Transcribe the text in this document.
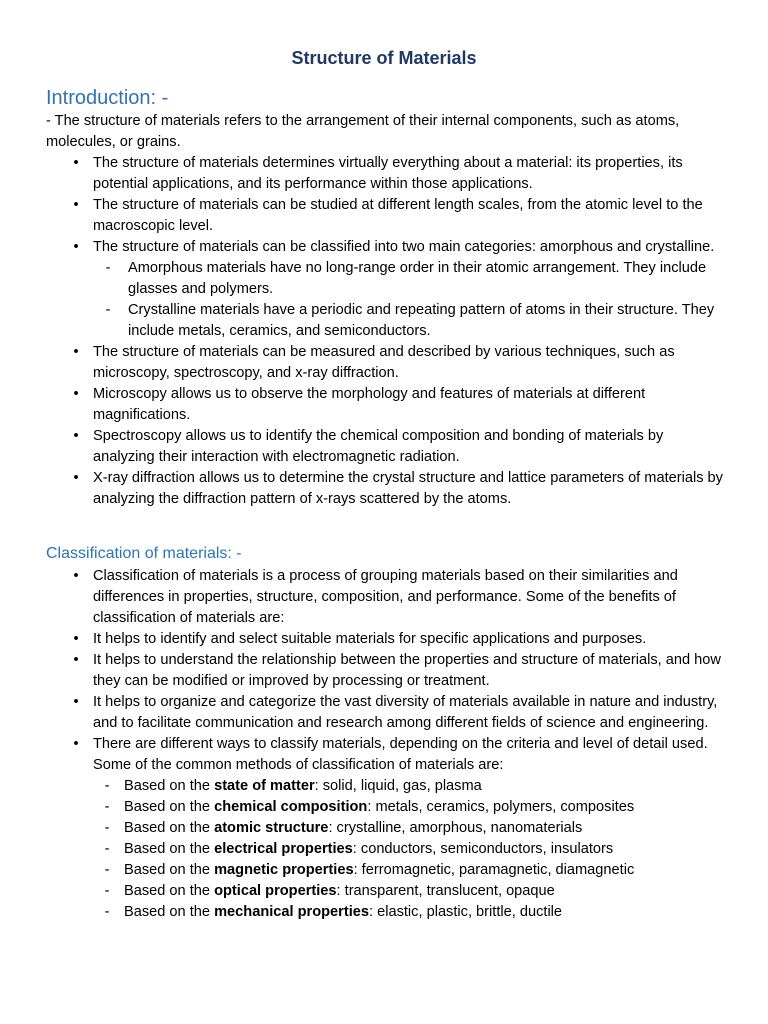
Structure of Materials
Introduction: -

- The structure of materials refers to the arrangement of their internal components, such as atoms, molecules, or grains.

• The structure of materials determines virtually everything about a material: its properties, its potential applications, and its performance within those applications.
• The structure of materials can be studied at different length scales, from the atomic level to the macroscopic level.
• The structure of materials can be classified into two main categories: amorphous and crystalline.
- Amorphous materials have no long-range order in their atomic arrangement. They include glasses and polymers.
- Crystalline materials have a periodic and repeating pattern of atoms in their structure. They include metals, ceramics, and semiconductors.
• The structure of materials can be measured and described by various techniques, such as microscopy, spectroscopy, and x-ray diffraction.
• Microscopy allows us to observe the morphology and features of materials at different magnifications.
• Spectroscopy allows us to identify the chemical composition and bonding of materials by analyzing their interaction with electromagnetic radiation.
• X-ray diffraction allows us to determine the crystal structure and lattice parameters of materials by analyzing the diffraction pattern of x-rays scattered by the atoms.
Classification of materials: -
• Classification of materials is a process of grouping materials based on their similarities and differences in properties, structure, composition, and performance. Some of the benefits of classification of materials are:
• It helps to identify and select suitable materials for specific applications and purposes.
• It helps to understand the relationship between the properties and structure of materials, and how they can be modified or improved by processing or treatment.
• It helps to organize and categorize the vast diversity of materials available in nature and industry, and to facilitate communication and research among different fields of science and engineering.
• There are different ways to classify materials, depending on the criteria and level of detail used. Some of the common methods of classification of materials are:
- Based on the state of matter: solid, liquid, gas, plasma
- Based on the chemical composition: metals, ceramics, polymers, composites
- Based on the atomic structure: crystalline, amorphous, nanomaterials
- Based on the electrical properties: conductors, semiconductors, insulators
- Based on the magnetic properties: ferromagnetic, paramagnetic, diamagnetic
- Based on the optical properties: transparent, translucent, opaque
- Based on the mechanical properties: elastic, plastic, brittle, ductile
